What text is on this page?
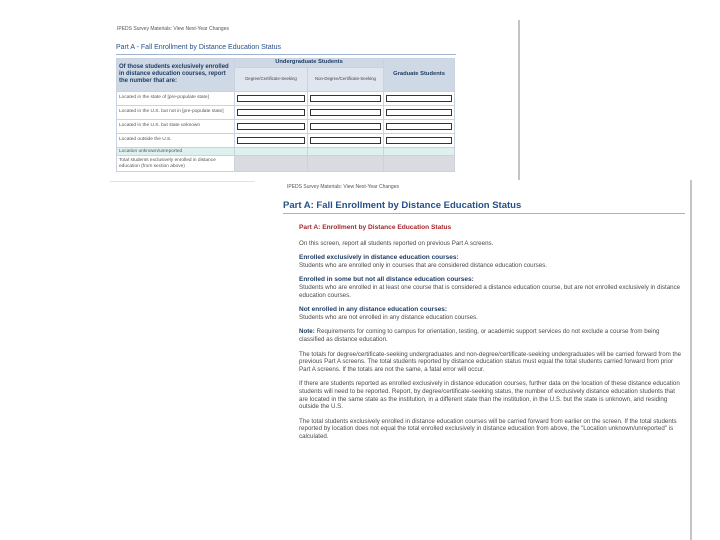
IPEDS Survey Materials: View Next-Year Changes
Part A - Fall Enrollment by Distance Education Status
Of those students exclusively enrolled in distance education courses, report the number that are:	Undergraduate Students		Graduate Students
	Degree/Certificate-Seeking	Non-Degree/Certificate-Seeking	
Located in the state of [pre-populate state]	

Located in the U.S. but not in [pre-populate state]	

Located in the U.S. but state unknown	

Located outside the U.S.	

Location unknown/unreported			
Total students exclusively enrolled in distance education (from section above)			
IPEDS Survey Materials: View Next-Year Changes
Part A: Fall Enrollment by Distance Education Status
Part A: Enrollment by Distance Education Status

On this screen, report all students reported on previous Part A screens.

Enrolled exclusively in distance education courses:
Students who are enrolled only in courses that are considered distance education courses.

Enrolled in some but not all distance education courses:
Students who are enrolled in at least one course that is considered a distance education course, but are not enrolled exclusively in distance education courses.

Not enrolled in any distance education courses:
Students who are not enrolled in any distance education courses.

Note: Requirements for coming to campus for orientation, testing, or academic support services do not exclude a course from being classified as distance education.

The totals for degree/certificate-seeking undergraduates and non-degree/certificate-seeking undergraduates will be carried forward from the previous Part A screens. The total students reported by distance education status must equal the total students carried forward from prior Part A screens. If the totals are not the same, a fatal error will occur.

If there are students reported as enrolled exclusively in distance education courses, further data on the location of these distance education students will need to be reported. Report, by degree/certificate-seeking status, the number of exclusively distance education students that are located in the same state as the institution, in a different state than the institution, in the U.S. but the state is unknown, and residing outside the U.S.

The total students exclusively enrolled in distance education courses will be carried forward from earlier on the screen. If the total students reported by location does not equal the total enrolled exclusively in distance education from above, the "Location unknown/unreported" is calculated.
